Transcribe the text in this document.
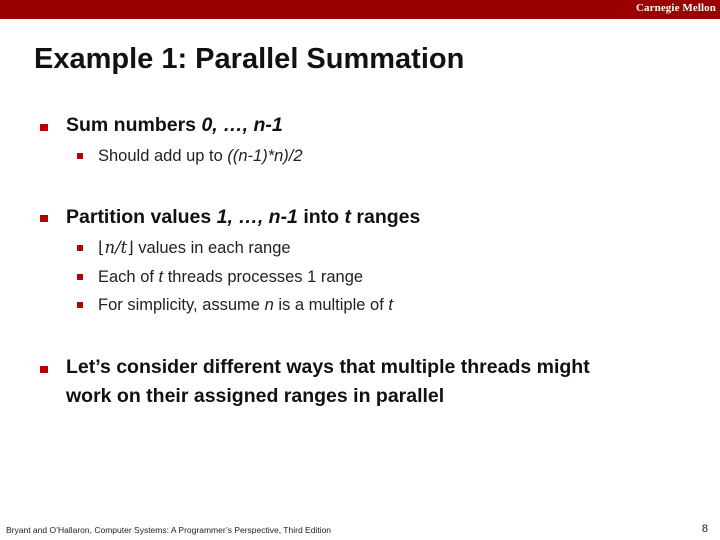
Carnegie Mellon
Example 1: Parallel Summation
Sum numbers 0, …, n-1
Should add up to ((n-1)*n)/2
Partition values 1, …, n-1 into t ranges
⌊n/t⌋ values in each range
Each of t threads processes 1 range
For simplicity, assume n is a multiple of t
Let’s consider different ways that multiple threads might
work on their assigned ranges in parallel
Bryant and O’Hallaron, Computer Systems: A Programmer’s Perspective, Third Edition	8
